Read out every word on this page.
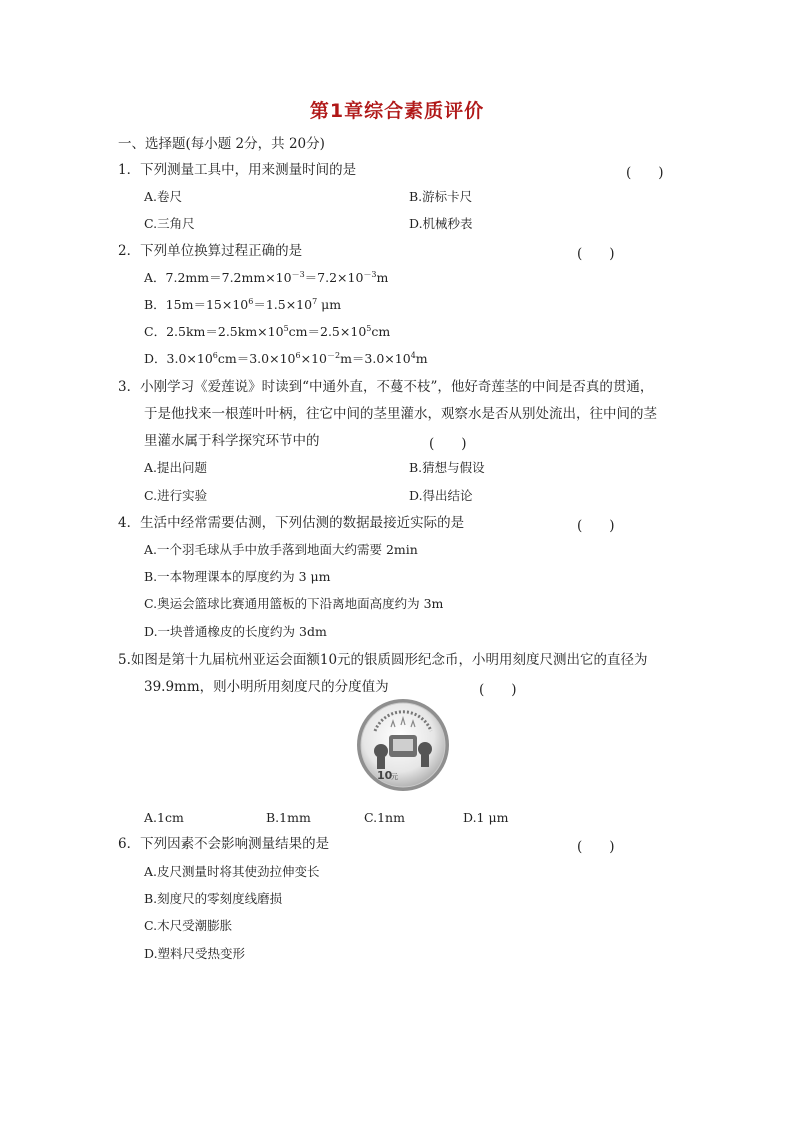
第1章综合素质评价
一、选择题(每小题 2分，共 20分)
1．下列测量工具中，用来测量时间的是	(　　)
A.卷尺	B.游标卡尺
C.三角尺	D.机械秒表
2．下列单位换算过程正确的是	(　　)
A．$7.2mm=7.2mm\times 10^{-3}=7.2\times 10^{-3}m$
B．$15m=15\times 10^6=1.5\times 10^7$ μm
C．$2.5km=2.5km\times 10^5cm=2.5\times 10^5cm$
D．$3.0\times 10^6cm=3.0\times 10^6\times 10^{-2}m=3.0\times 10^4m$
3．小刚学习《爱莲说》时读到“中通外直，不蔓不枝”，他好奇莲茎的中间是否真的贯通，
于是他找来一根莲叶叶柄，往它中间的茎里灌水，观察水是否从别处流出，往中间的茎
里灌水属于科学探究环节中的	(　　)
A.提出问题	B.猜想与假设
C.进行实验	D.得出结论
4．生活中经常需要估测，下列估测的数据最接近实际的是	(　　)
A.一个羽毛球从手中放手落到地面大约需要 2min
B.一本物理课本的厚度约为 3 μm
C.奥运会篮球比赛通用篮板的下沿离地面高度约为 3m
D.一块普通橡皮的长度约为 3dm
5.如图是第十九届杭州亚运会面额10元的银质圆形纪念币，小明用刻度尺测出它的直径为
39.9mm，则小明所用刻度尺的分度值为	(　　)
10
元
A.1cm	B.1mm	C.1nm	D.1 μm
6．下列因素不会影响测量结果的是	(　　)
A.皮尺测量时将其使劲拉伸变长
B.刻度尺的零刻度线磨损
C.木尺受潮膨胀
D.塑料尺受热变形
